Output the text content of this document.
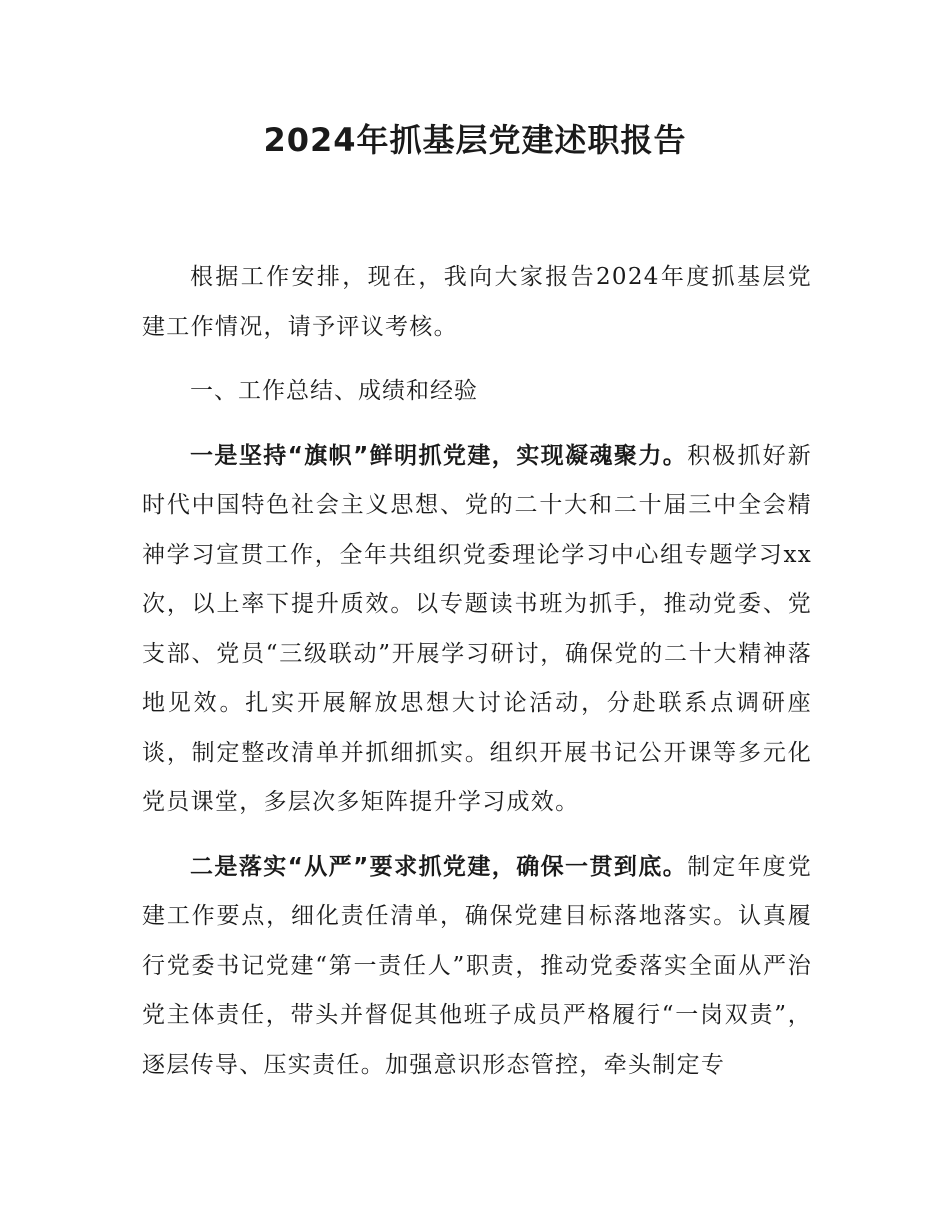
2024年抓基层党建述职报告

根据工作安排，现在，我向大家报告2024年度抓基层党建工作情况，请予评议考核。

一、工作总结、成绩和经验

一是坚持“旗帜”鲜明抓党建，实现凝魂聚力。积极抓好新时代中国特色社会主义思想、党的二十大和二十届三中全会精神学习宣贯工作，全年共组织党委理论学习中心组专题学习xx次，以上率下提升质效。以专题读书班为抓手，推动党委、党支部、党员“三级联动”开展学习研讨，确保党的二十大精神落地见效。扎实开展解放思想大讨论活动，分赴联系点调研座谈，制定整改清单并抓细抓实。组织开展书记公开课等多元化党员课堂，多层次多矩阵提升学习成效。

二是落实“从严”要求抓党建，确保一贯到底。制定年度党建工作要点，细化责任清单，确保党建目标落地落实。认真履行党委书记党建“第一责任人”职责，推动党委落实全面从严治党主体责任，带头并督促其他班子成员严格履行“一岗双责”，逐层传导、压实责任。加强意识形态管控，牵头制定专
